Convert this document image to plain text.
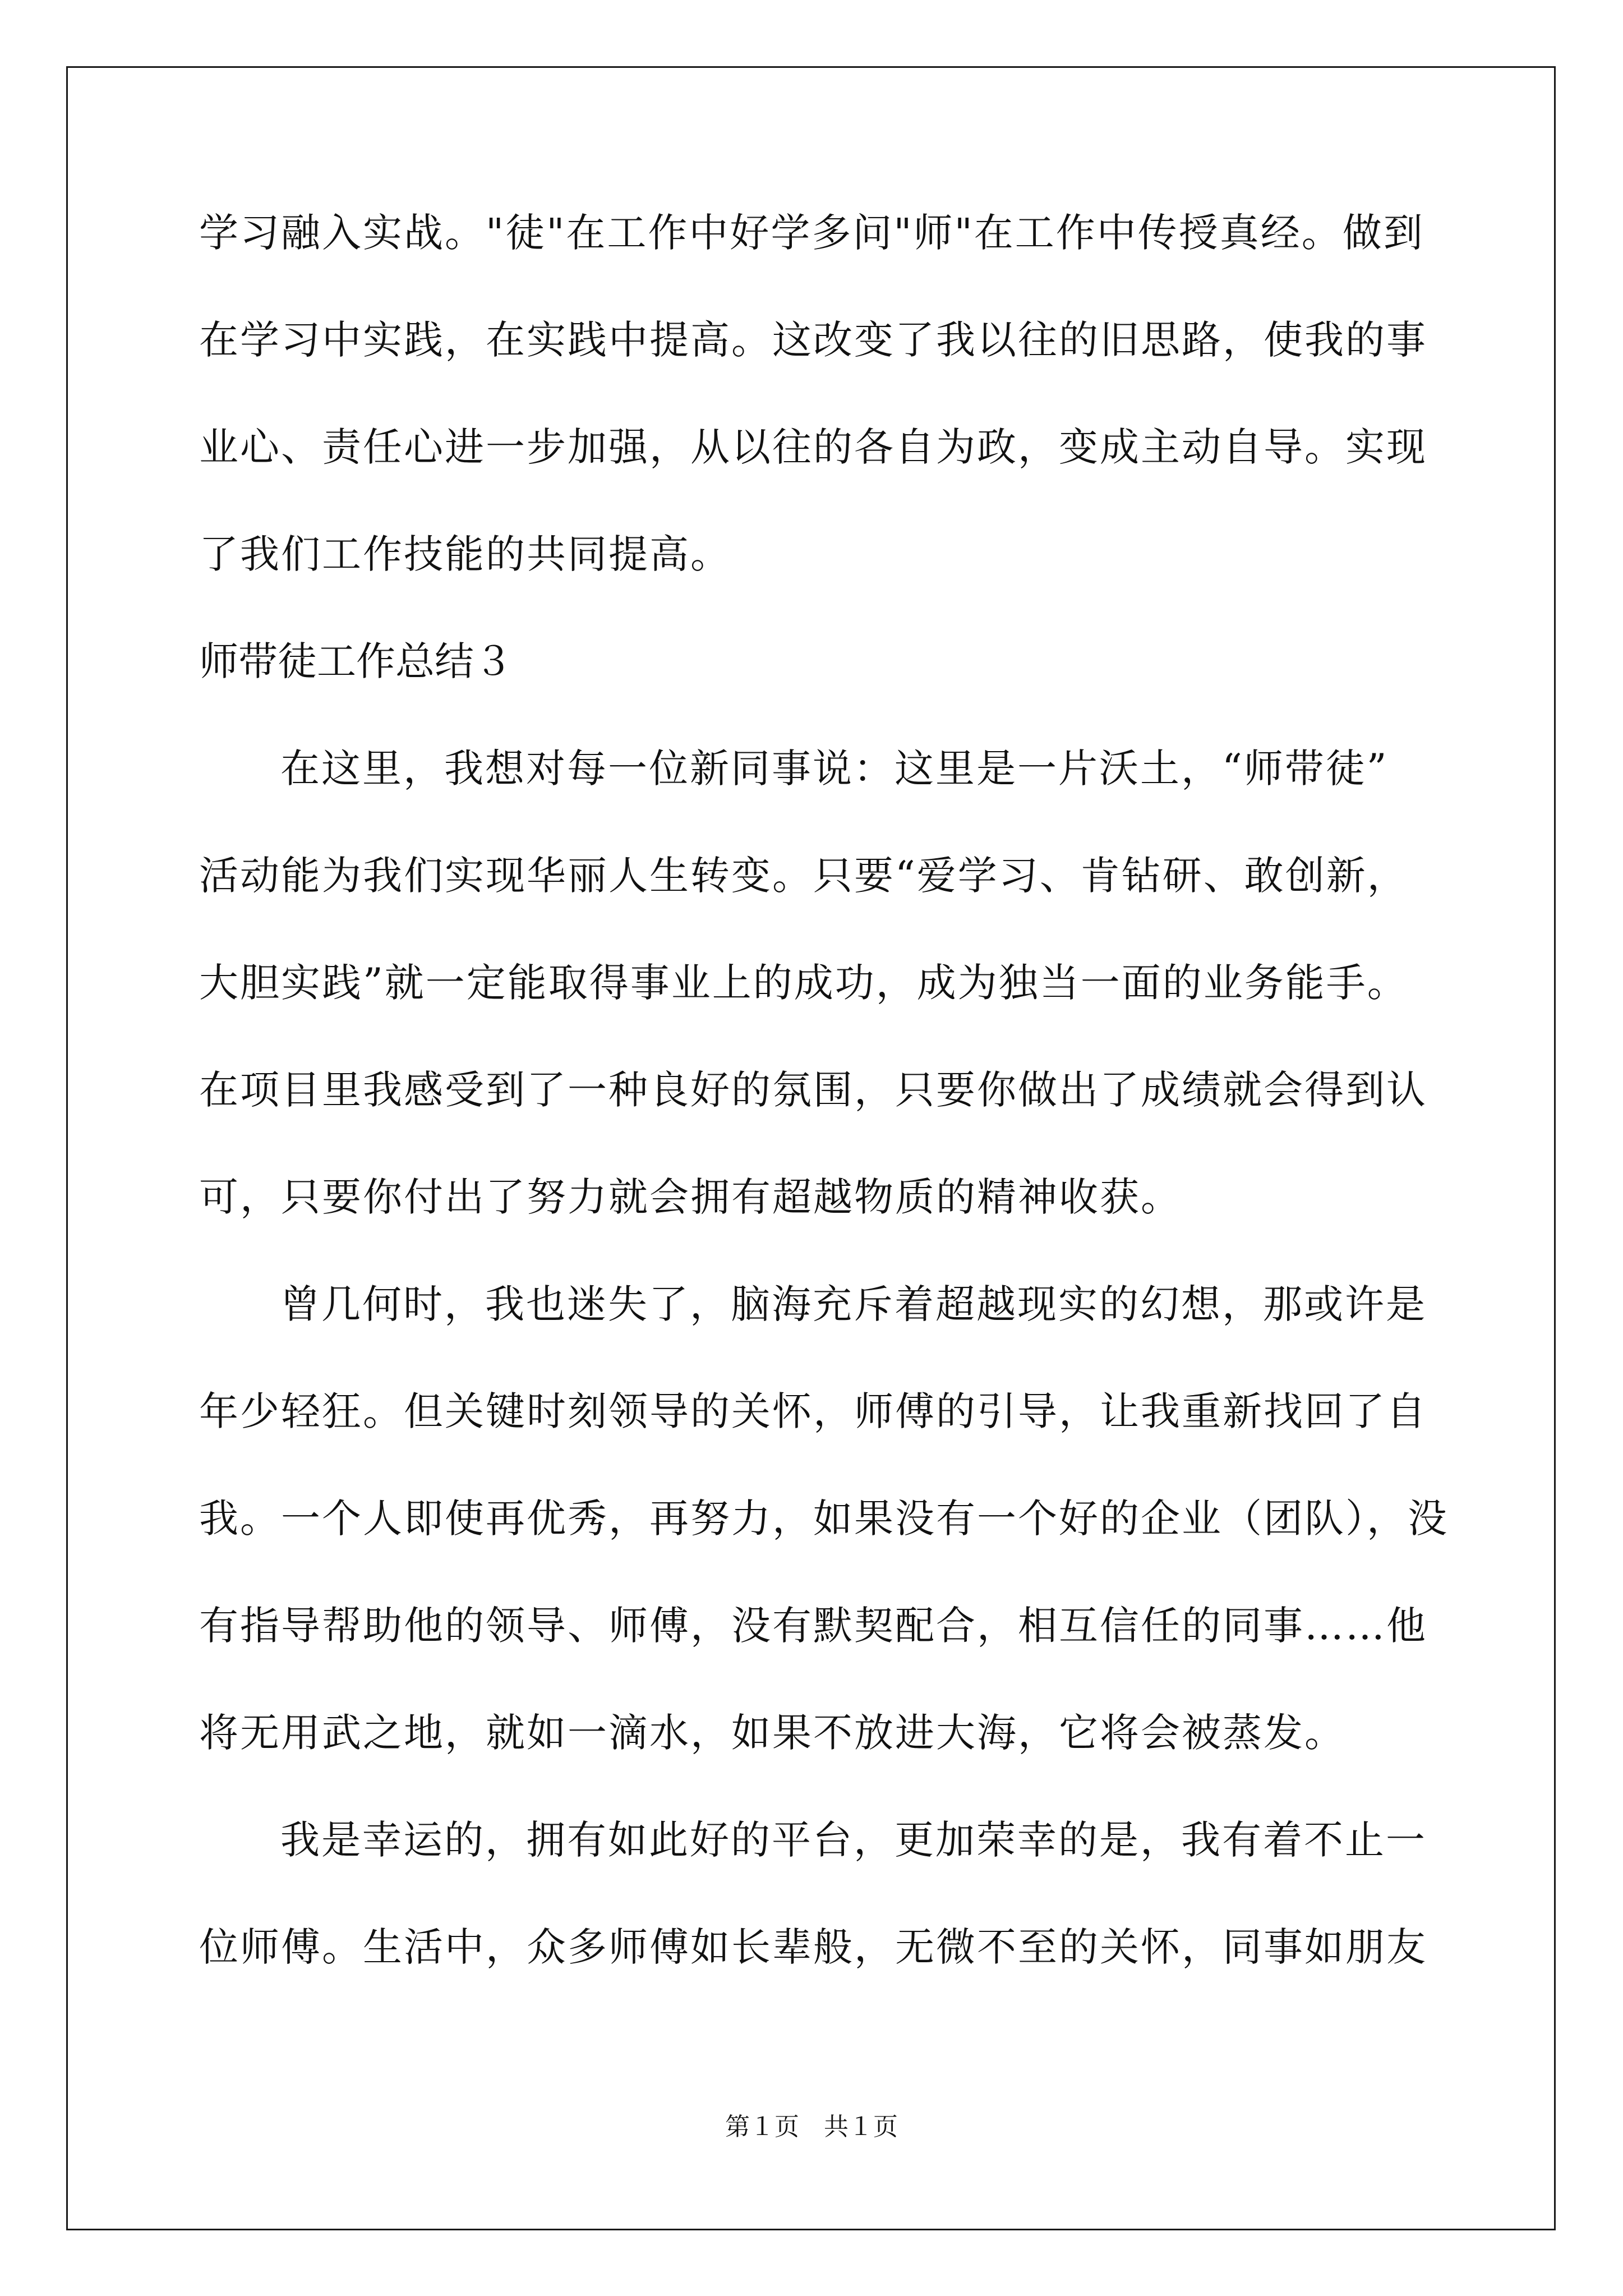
学习融入实战。"徒"在工作中好学多问"师"在工作中传授真经。做到
在学习中实践，在实践中提高。这改变了我以往的旧思路，使我的事
业心、责任心进一步加强，从以往的各自为政，变成主动自导。实现
了我们工作技能的共同提高。
师带徒工作总结３
在这里，我想对每一位新同事说：这里是一片沃土，“师带徒”
活动能为我们实现华丽人生转变。只要“爱学习、肯钻研、敢创新，
大胆实践”就一定能取得事业上的成功，成为独当一面的业务能手。
在项目里我感受到了一种良好的氛围，只要你做出了成绩就会得到认
可，只要你付出了努力就会拥有超越物质的精神收获。
曾几何时，我也迷失了，脑海充斥着超越现实的幻想，那或许是
年少轻狂。但关键时刻领导的关怀，师傅的引导，让我重新找回了自
我。一个人即使再优秀，再努力，如果没有一个好的企业（团队），没
有指导帮助他的领导、师傅，没有默契配合，相互信任的同事……他
将无用武之地，就如一滴水，如果不放进大海，它将会被蒸发。
我是幸运的，拥有如此好的平台，更加荣幸的是，我有着不止一
位师傅。生活中，众多师傅如长辈般，无微不至的关怀，同事如朋友
第１页　共１页
